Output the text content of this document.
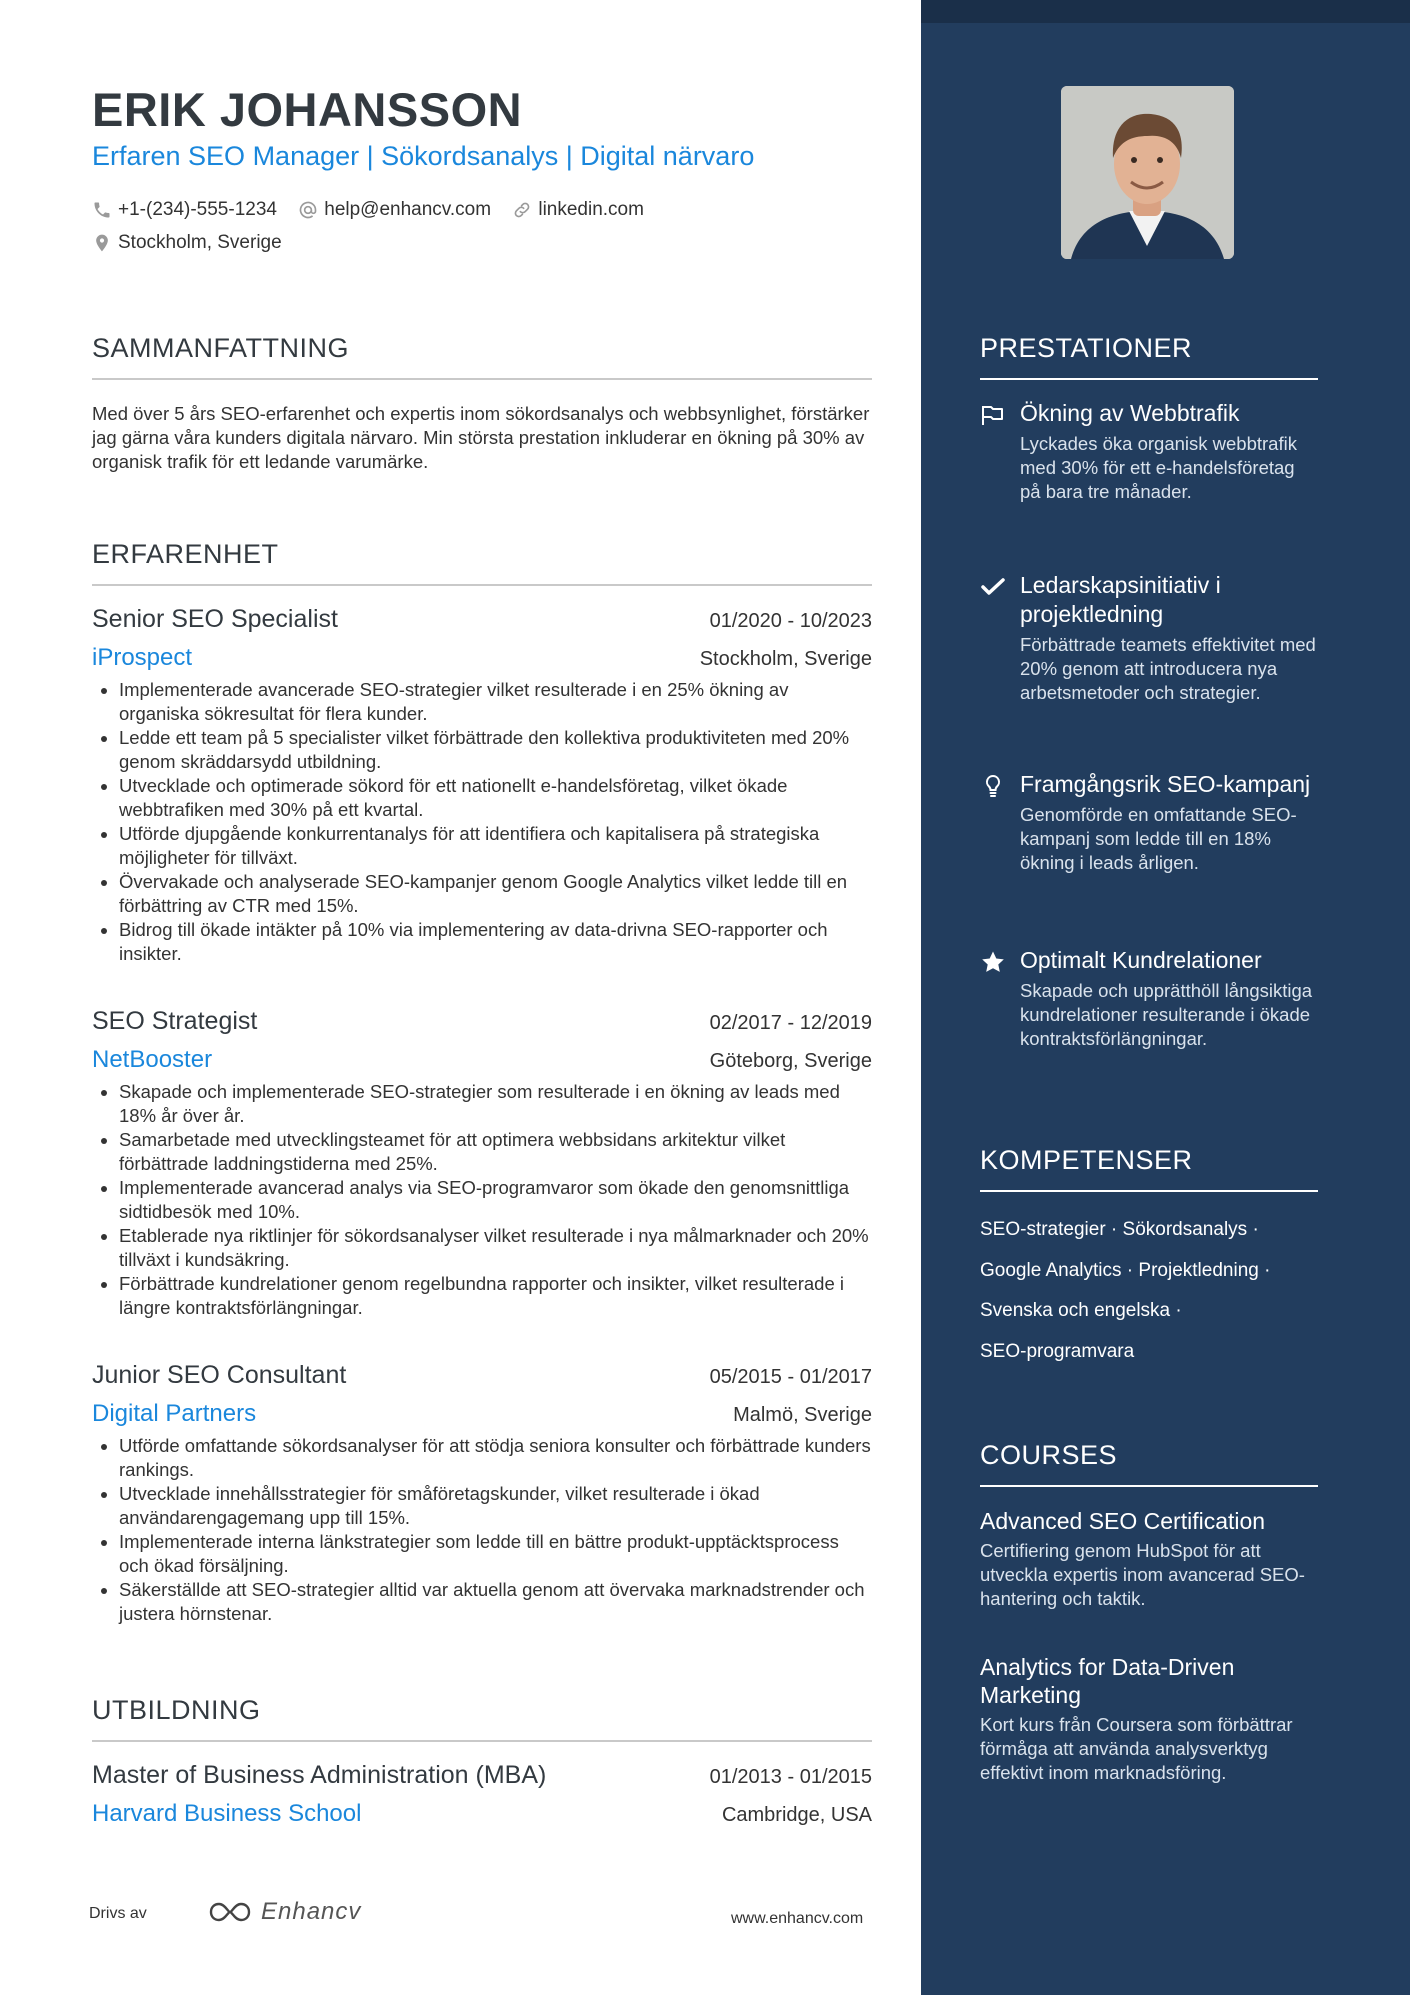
ERIK JOHANSSON
Erfaren SEO Manager | Sökordsanalys | Digital närvaro
+1-(234)-555-1234
help@enhancv.com
linkedin.com
Stockholm, Sverige
SAMMANFATTNING
Med över 5 års SEO-erfarenhet och expertis inom sökordsanalys och webbsynlighet, förstärker jag gärna våra kunders digitala närvaro. Min största prestation inkluderar en ökning på 30% av organisk trafik för ett ledande varumärke.
ERFARENHET
Senior SEO Specialist	01/2020 - 10/2023
iProspect	Stockholm, Sverige
• Implementerade avancerade SEO-strategier vilket resulterade i en 25% ökning av organiska sökresultat för flera kunder.
• Ledde ett team på 5 specialister vilket förbättrade den kollektiva produktiviteten med 20% genom skräddarsydd utbildning.
• Utvecklade och optimerade sökord för ett nationellt e-handelsföretag, vilket ökade webbtrafiken med 30% på ett kvartal.
• Utförde djupgående konkurrentanalys för att identifiera och kapitalisera på strategiska möjligheter för tillväxt.
• Övervakade och analyserade SEO-kampanjer genom Google Analytics vilket ledde till en förbättring av CTR med 15%.
• Bidrog till ökade intäkter på 10% via implementering av data-drivna SEO-rapporter och insikter.
SEO Strategist	02/2017 - 12/2019
NetBooster	Göteborg, Sverige
• Skapade och implementerade SEO-strategier som resulterade i en ökning av leads med 18% år över år.
• Samarbetade med utvecklingsteamet för att optimera webbsidans arkitektur vilket förbättrade laddningstiderna med 25%.
• Implementerade avancerad analys via SEO-programvaror som ökade den genomsnittliga sidtidbesök med 10%.
• Etablerade nya riktlinjer för sökordsanalyser vilket resulterade i nya målmarknader och 20% tillväxt i kundsäkring.
• Förbättrade kundrelationer genom regelbundna rapporter och insikter, vilket resulterade i längre kontraktsförlängningar.
Junior SEO Consultant	05/2015 - 01/2017
Digital Partners	Malmö, Sverige
• Utförde omfattande sökordsanalyser för att stödja seniora konsulter och förbättrade kunders rankings.
• Utvecklade innehållsstrategier för småföretagskunder, vilket resulterade i ökad användarengagemang upp till 15%.
• Implementerade interna länkstrategier som ledde till en bättre produkt-upptäcktsprocess och ökad försäljning.
• Säkerställde att SEO-strategier alltid var aktuella genom att övervaka marknadstrender och justera hörnstenar.
UTBILDNING
Master of Business Administration (MBA)	01/2013 - 01/2015
Harvard Business School	Cambridge, USA
Drivs av	Enhancv	www.enhancv.com
PRESTATIONER
Ökning av Webbtrafik
Lyckades öka organisk webbtrafik med 30% för ett e-handelsföretag på bara tre månader.
Ledarskapsinitiativ i projektledning
Förbättrade teamets effektivitet med 20% genom att introducera nya arbetsmetoder och strategier.
Framgångsrik SEO-kampanj
Genomförde en omfattande SEO-kampanj som ledde till en 18% ökning i leads årligen.
Optimalt Kundrelationer
Skapade och upprätthöll långsiktiga kundrelationer resulterande i ökade kontraktsförlängningar.
KOMPETENSER
SEO-strategier · Sökordsanalys ·
Google Analytics · Projektledning ·
Svenska och engelska ·
SEO-programvara
COURSES
Advanced SEO Certification
Certifiering genom HubSpot för att utveckla expertis inom avancerad SEO-hantering och taktik.
Analytics for Data-Driven Marketing
Kort kurs från Coursera som förbättrar förmåga att använda analysverktyg effektivt inom marknadsföring.
